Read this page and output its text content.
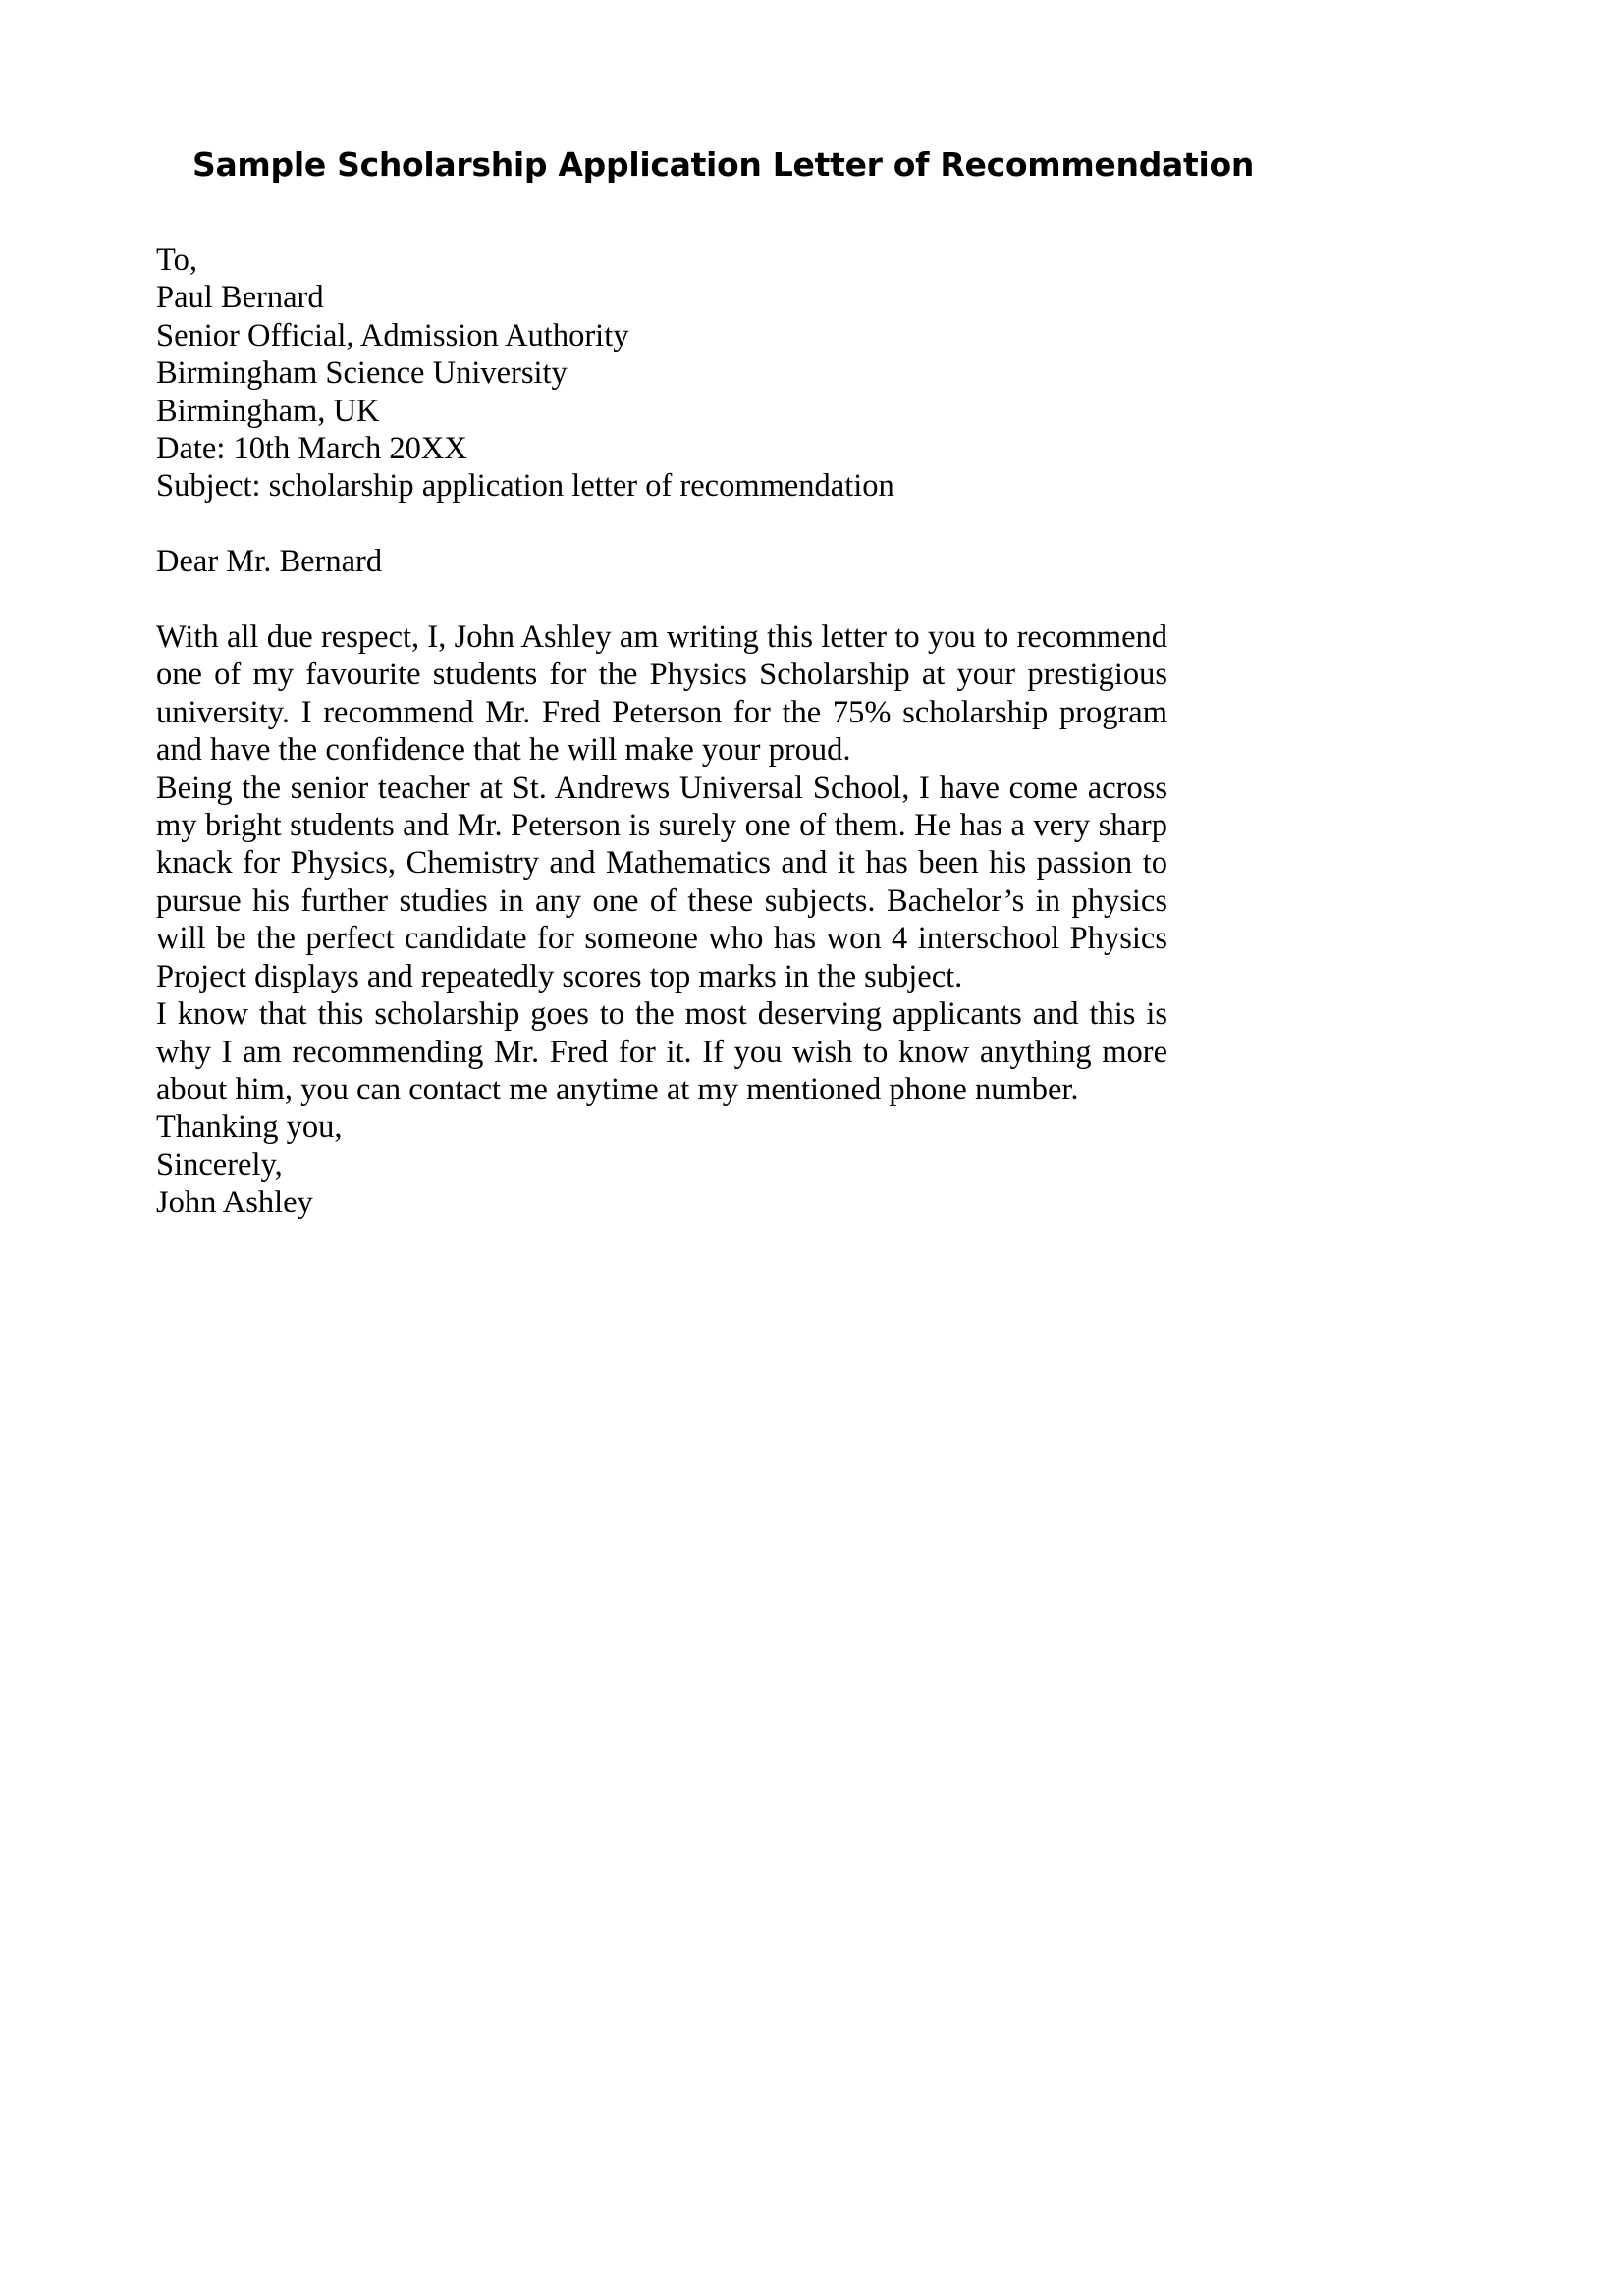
Sample Scholarship Application Letter of Recommendation
To,
Paul Bernard
Senior Official, Admission Authority
Birmingham Science University
Birmingham, UK
Date: 10th March 20XX
Subject: scholarship application letter of recommendation
Dear Mr. Bernard

With all due respect, I, John Ashley am writing this letter to you to recommend one of my favourite students for the Physics Scholarship at your prestigious university. I recommend Mr. Fred Peterson for the 75% scholarship program and have the confidence that he will make your proud.

Being the senior teacher at St. Andrews Universal School, I have come across my bright students and Mr. Peterson is surely one of them. He has a very sharp knack for Physics, Chemistry and Mathematics and it has been his passion to pursue his further studies in any one of these subjects. Bachelor’s in physics will be the perfect candidate for someone who has won 4 interschool Physics Project displays and repeatedly scores top marks in the subject.

I know that this scholarship goes to the most deserving applicants and this is why I am recommending Mr. Fred for it. If you wish to know anything more about him, you can contact me anytime at my mentioned phone number.

Thanking you,
Sincerely,
John Ashley
